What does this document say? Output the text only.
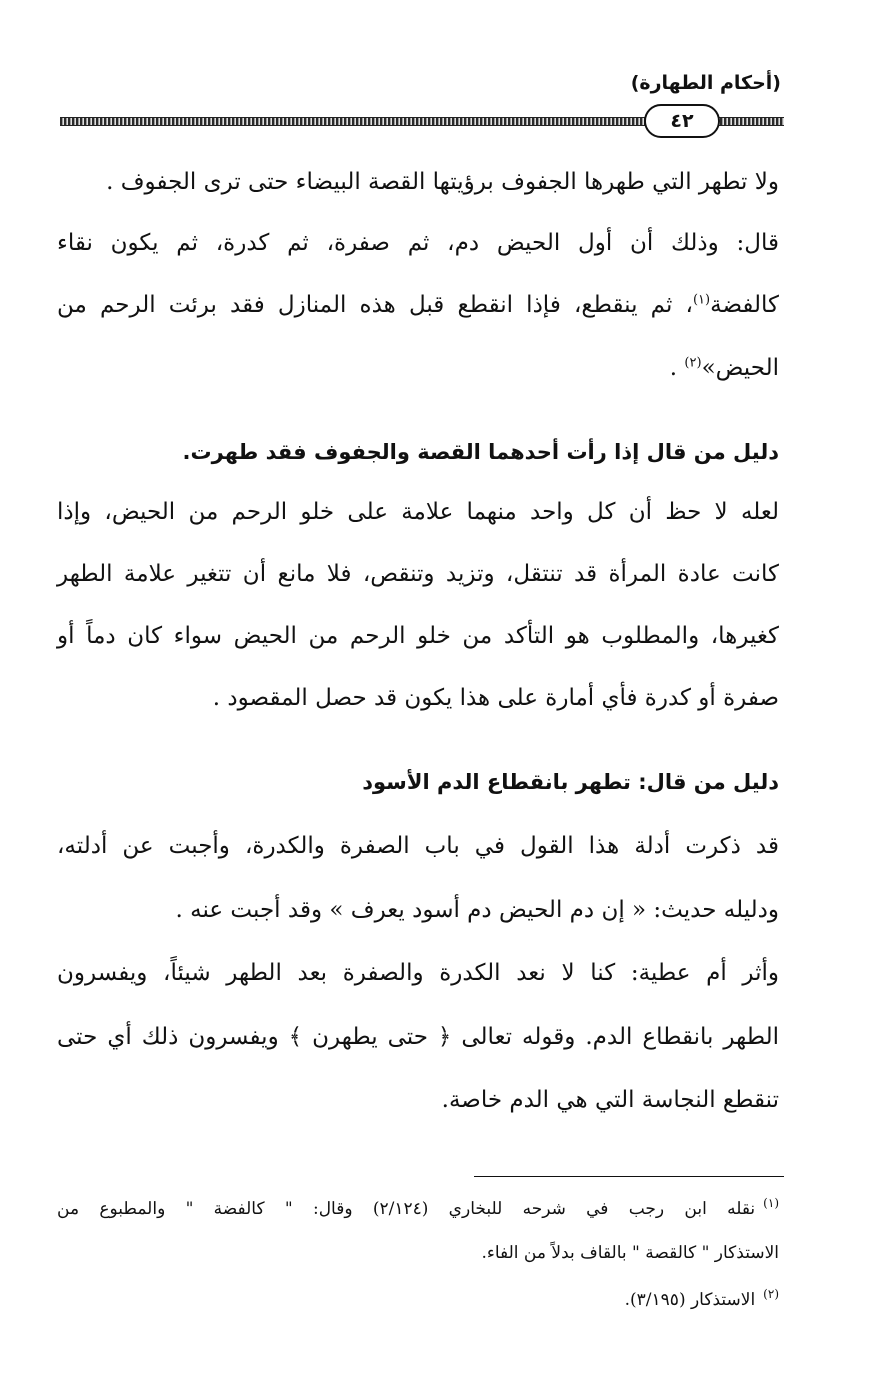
(أحكام الطهارة)
٤٢
ولا تطهر التي طهرها الجفوف برؤيتها القصة البيضاء حتى ترى الجفوف .
قال: وذلك أن أول الحيض دم، ثم صفرة، ثم كدرة، ثم يكون نقاء
كالفضة$^{(١)}$، ثم ينقطع، فإذا انقطع قبل هذه المنازل فقد برئت الرحم من
الحيض»$^{(٢)}$ .
دليل من قال إذا رأت أحدهما القصة والجفوف فقد طهرت.
لعله لا حظ أن كل واحد منهما علامة على خلو الرحم من الحيض، وإذا
كانت عادة المرأة قد تنتقل، وتزيد وتنقص، فلا مانع أن تتغير علامة الطهر
كغيرها، والمطلوب هو التأكد من خلو الرحم من الحيض سواء كان دماً أو
صفرة أو كدرة فأي أمارة على هذا يكون قد حصل المقصود .
دليل من قال: تطهر بانقطاع الدم الأسود
قد ذكرت أدلة هذا القول في باب الصفرة والكدرة، وأجبت عن أدلته،
ودليله حديث: « إن دم الحيض دم أسود يعرف » وقد أجبت عنه .
وأثر أم عطية: كنا لا نعد الكدرة والصفرة بعد الطهر شيئاً، ويفسرون
الطهر بانقطاع الدم. وقوله تعالى ﴿ حتى يطهرن ﴾ ويفسرون ذلك أي حتى
تنقطع النجاسة التي هي الدم خاصة.
$^{(١)}$نقله ابن رجب في شرحه للبخاري (٢/١٢٤) وقال: " كالفضة " والمطبوع من
الاستذكار " كالقصة " بالقاف بدلاً من الفاء.
$^{(٢)}$الاستذكار (٣/١٩٥).
